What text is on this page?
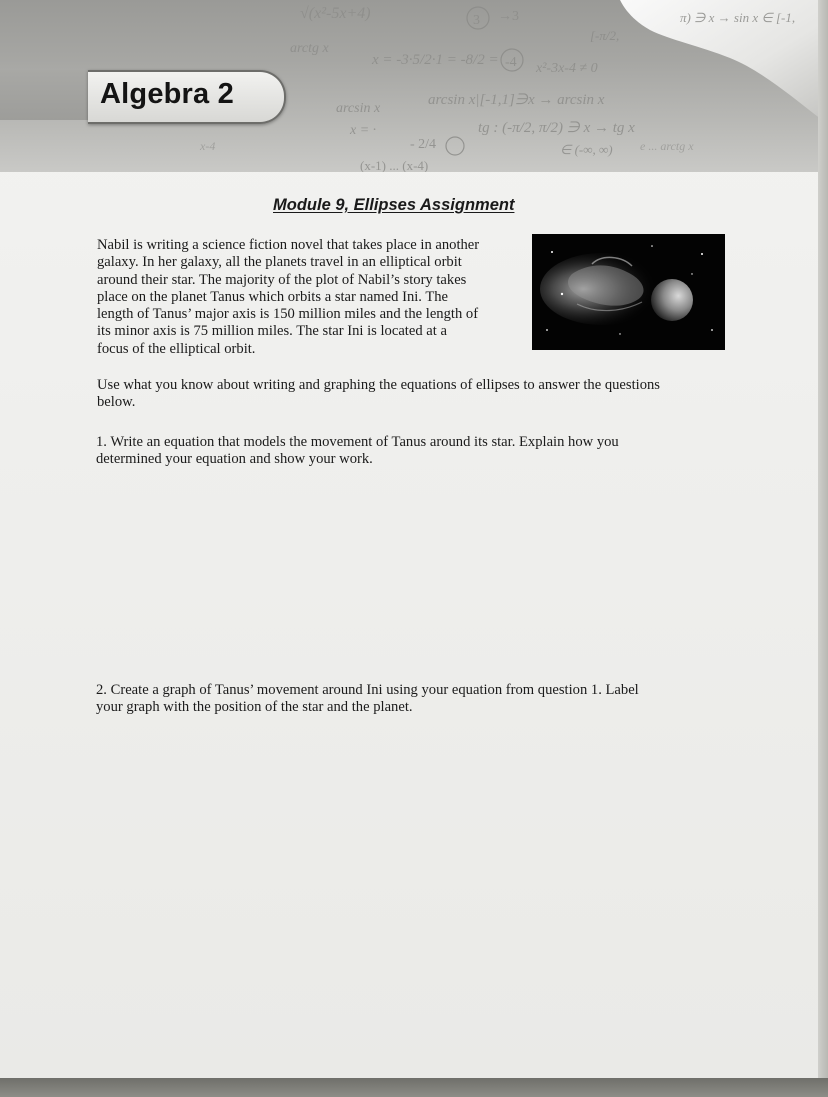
√(x²-5x+4)	3 →3
arctg x
x = -3·5/2·1 = -8/2 = -4 x²-3x-4 ≠ 0
arcsin x
arcsin x|[-1,1]∋x → arcsin x
x = ·
- 2/4
tg : (-π/2, π/2) ∋ x → tg x
∈ (-∞, ∞)
(x-1) ... (x-4)
x-4	e ... arctg x
π) ∋ x → sin x ∈ [-1,
[-π/2,
Algebra 2
Module 9, Ellipses Assignment
Nabil is writing a science fiction novel that takes place in another
galaxy. In her galaxy, all the planets travel in an elliptical orbit
around their star. The majority of the plot of Nabil’s story takes
place on the planet Tanus which orbits a star named Ini. The
length of Tanus’ major axis is 150 million miles and the length of
its minor axis is 75 million miles. The star Ini is located at a
focus of the elliptical orbit.
Use what you know about writing and graphing the equations of ellipses to answer the questions
below.
1. Write an equation that models the movement of Tanus around its star. Explain how you
determined your equation and show your work.
2. Create a graph of Tanus’ movement around Ini using your equation from question 1. Label
your graph with the position of the star and the planet.
